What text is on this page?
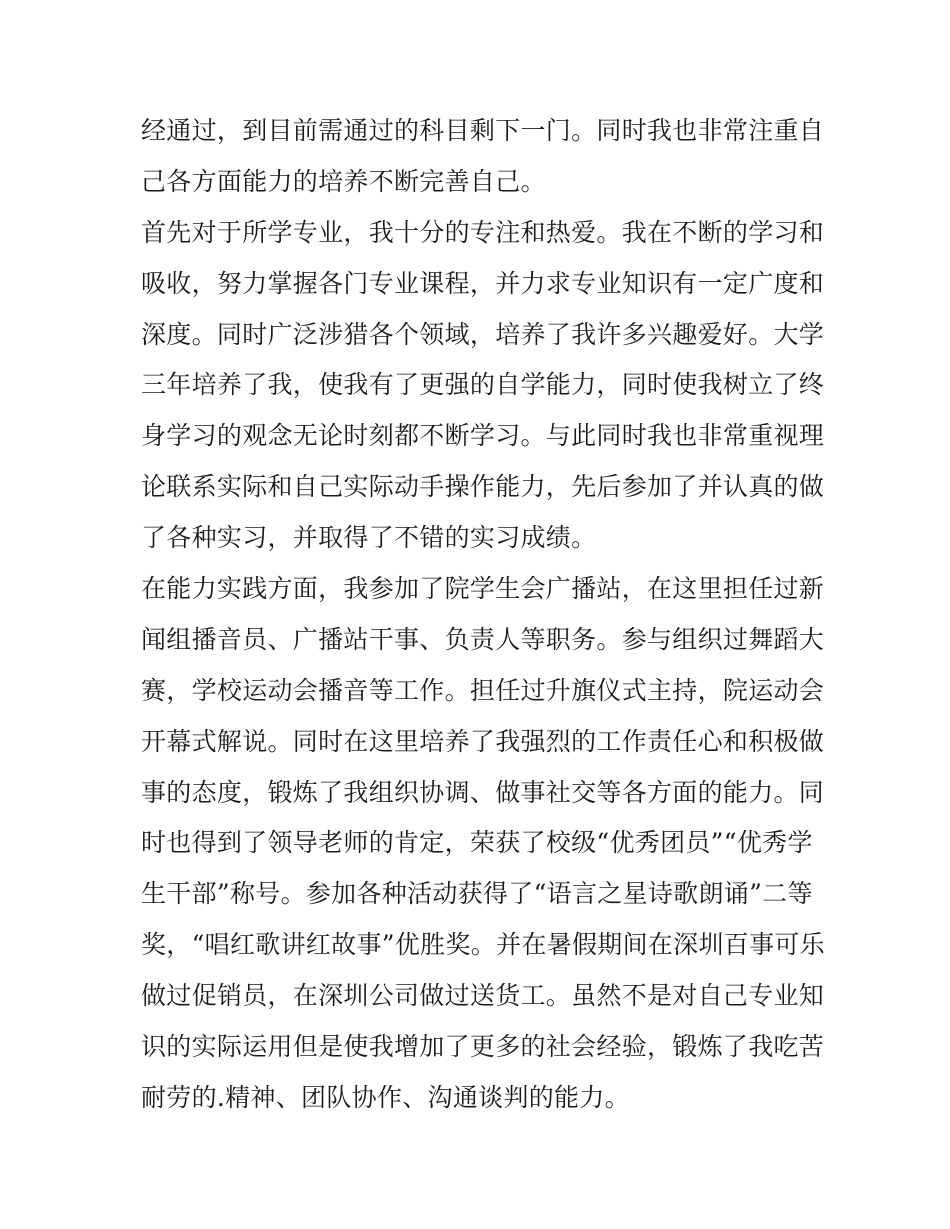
经通过，到目前需通过的科目剩下一门。同时我也非常注重自
己各方面能力的培养不断完善自己。
首先对于所学专业，我十分的专注和热爱。我在不断的学习和
吸收，努力掌握各门专业课程，并力求专业知识有一定广度和
深度。同时广泛涉猎各个领域，培养了我许多兴趣爱好。大学
三年培养了我，使我有了更强的自学能力，同时使我树立了终
身学习的观念无论时刻都不断学习。与此同时我也非常重视理
论联系实际和自己实际动手操作能力，先后参加了并认真的做
了各种实习，并取得了不错的实习成绩。
在能力实践方面，我参加了院学生会广播站，在这里担任过新
闻组播音员、广播站干事、负责人等职务。参与组织过舞蹈大
赛，学校运动会播音等工作。担任过升旗仪式主持，院运动会
开幕式解说。同时在这里培养了我强烈的工作责任心和积极做
事的态度，锻炼了我组织协调、做事社交等各方面的能力。同
时也得到了领导老师的肯定，荣获了校级“优秀团员”“优秀学
生干部”称号。参加各种活动获得了“语言之星诗歌朗诵”二等
奖，“唱红歌讲红故事”优胜奖。并在暑假期间在深圳百事可乐
做过促销员，在深圳公司做过送货工。虽然不是对自己专业知
识的实际运用但是使我增加了更多的社会经验，锻炼了我吃苦
耐劳的.精神、团队协作、沟通谈判的能力。
